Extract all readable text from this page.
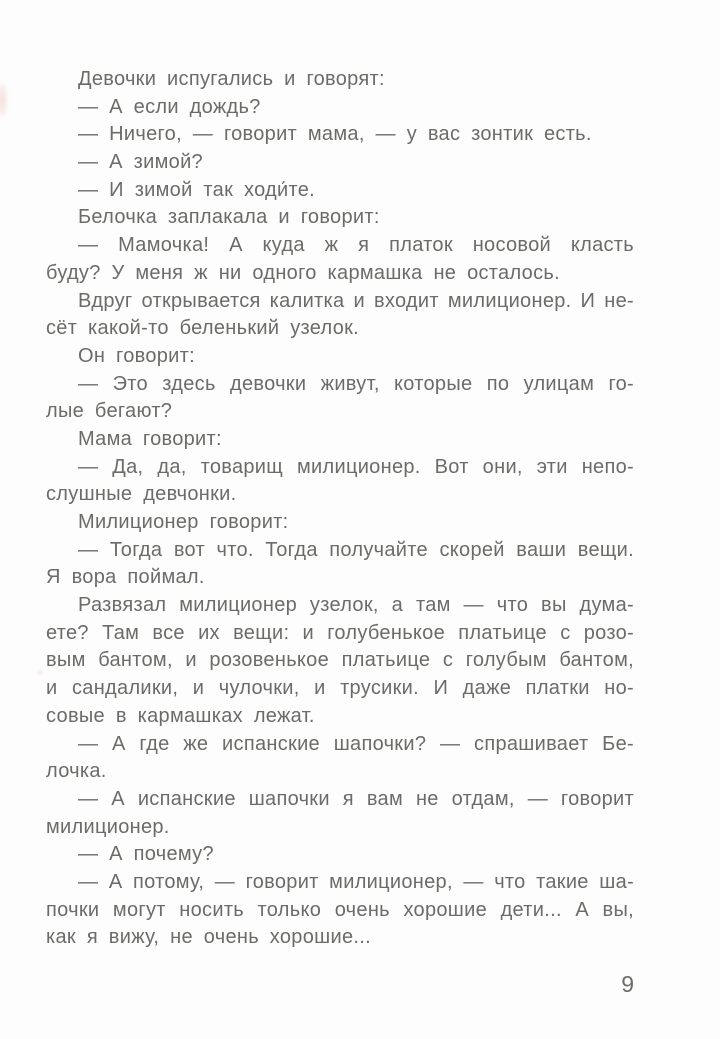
Девочки испугались и говорят:
— А если дождь?
— Ничего, — говорит мама, — у вас зонтик есть.
— А зимой?
— И зимой так ходи́те.
Белочка заплакала и говорит:
— Мамочка! А куда ж я платок носовой класть
буду? У меня ж ни одного кармашка не осталось.
Вдруг открывается калитка и входит милиционер. И не-
сёт какой-то беленький узелок.
Он говорит:
— Это здесь девочки живут, которые по улицам го-
лые бегают?
Мама говорит:
— Да, да, товарищ милиционер. Вот они, эти непо-
слушные девчонки.
Милиционер говорит:
— Тогда вот что. Тогда получайте скорей ваши вещи.
Я вора поймал.
Развязал милиционер узелок, а там — что вы дума-
ете? Там все их вещи: и голубенькое платьице с розо-
вым бантом, и розовенькое платьице с голубым бантом,
и сандалики, и чулочки, и трусики. И даже платки но-
совые в кармашках лежат.
— А где же испанские шапочки? — спрашивает Бе-
лочка.
— А испанские шапочки я вам не отдам, — говорит
милиционер.
— А почему?
— А потому, — говорит милиционер, — что такие ша-
почки могут носить только очень хорошие дети... А вы,
как я вижу, не очень хорошие...
9
